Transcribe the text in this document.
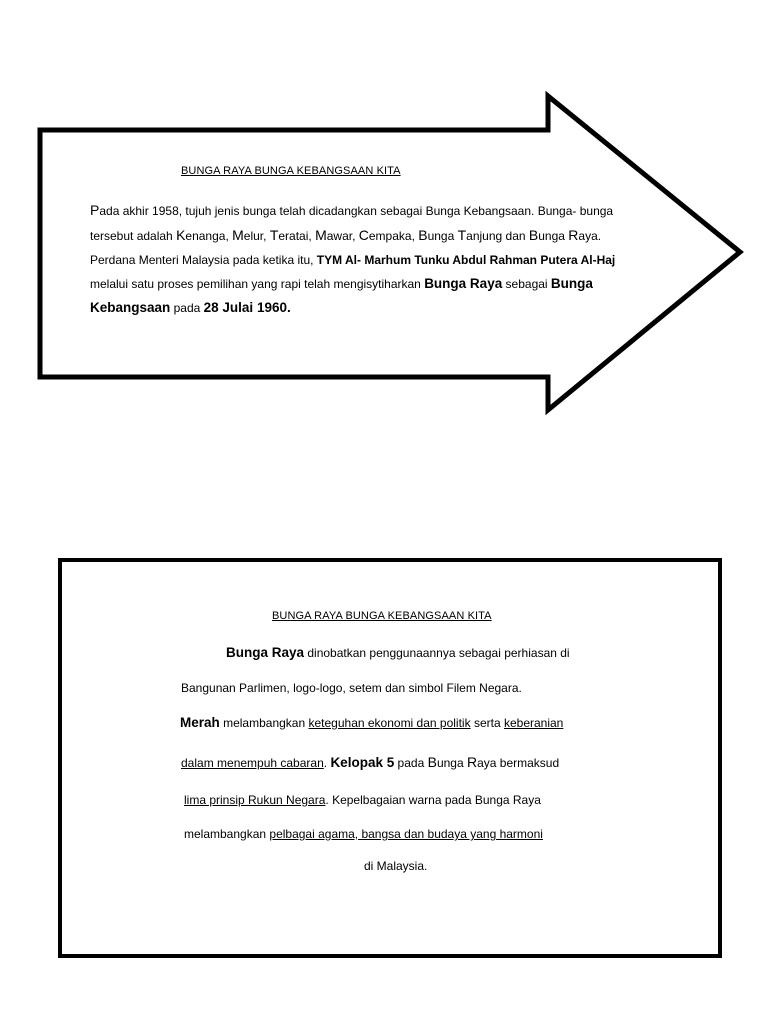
BUNGA RAYA BUNGA KEBANGSAAN KITA
Pada akhir 1958, tujuh jenis bunga telah dicadangkan sebagai Bunga Kebangsaan. Bunga- bunga
tersebut adalah Kenanga, Melur, Teratai, Mawar, Cempaka, Bunga Tanjung dan Bunga Raya.
Perdana Menteri Malaysia pada ketika itu, TYM Al- Marhum Tunku Abdul Rahman Putera Al-Haj
melalui satu proses pemilihan yang rapi telah mengisytiharkan Bunga Raya sebagai Bunga
Kebangsaan pada 28 Julai 1960.
BUNGA RAYA BUNGA KEBANGSAAN KITA
Bunga Raya dinobatkan penggunaannya sebagai perhiasan di
Bangunan Parlimen, logo-logo, setem dan simbol Filem Negara.
Merah melambangkan keteguhan ekonomi dan politik serta keberanian
dalam menempuh cabaran. Kelopak 5 pada Bunga Raya bermaksud
lima prinsip Rukun Negara. Kepelbagaian warna pada Bunga Raya
melambangkan pelbagai agama, bangsa dan budaya yang harmoni
di Malaysia.
